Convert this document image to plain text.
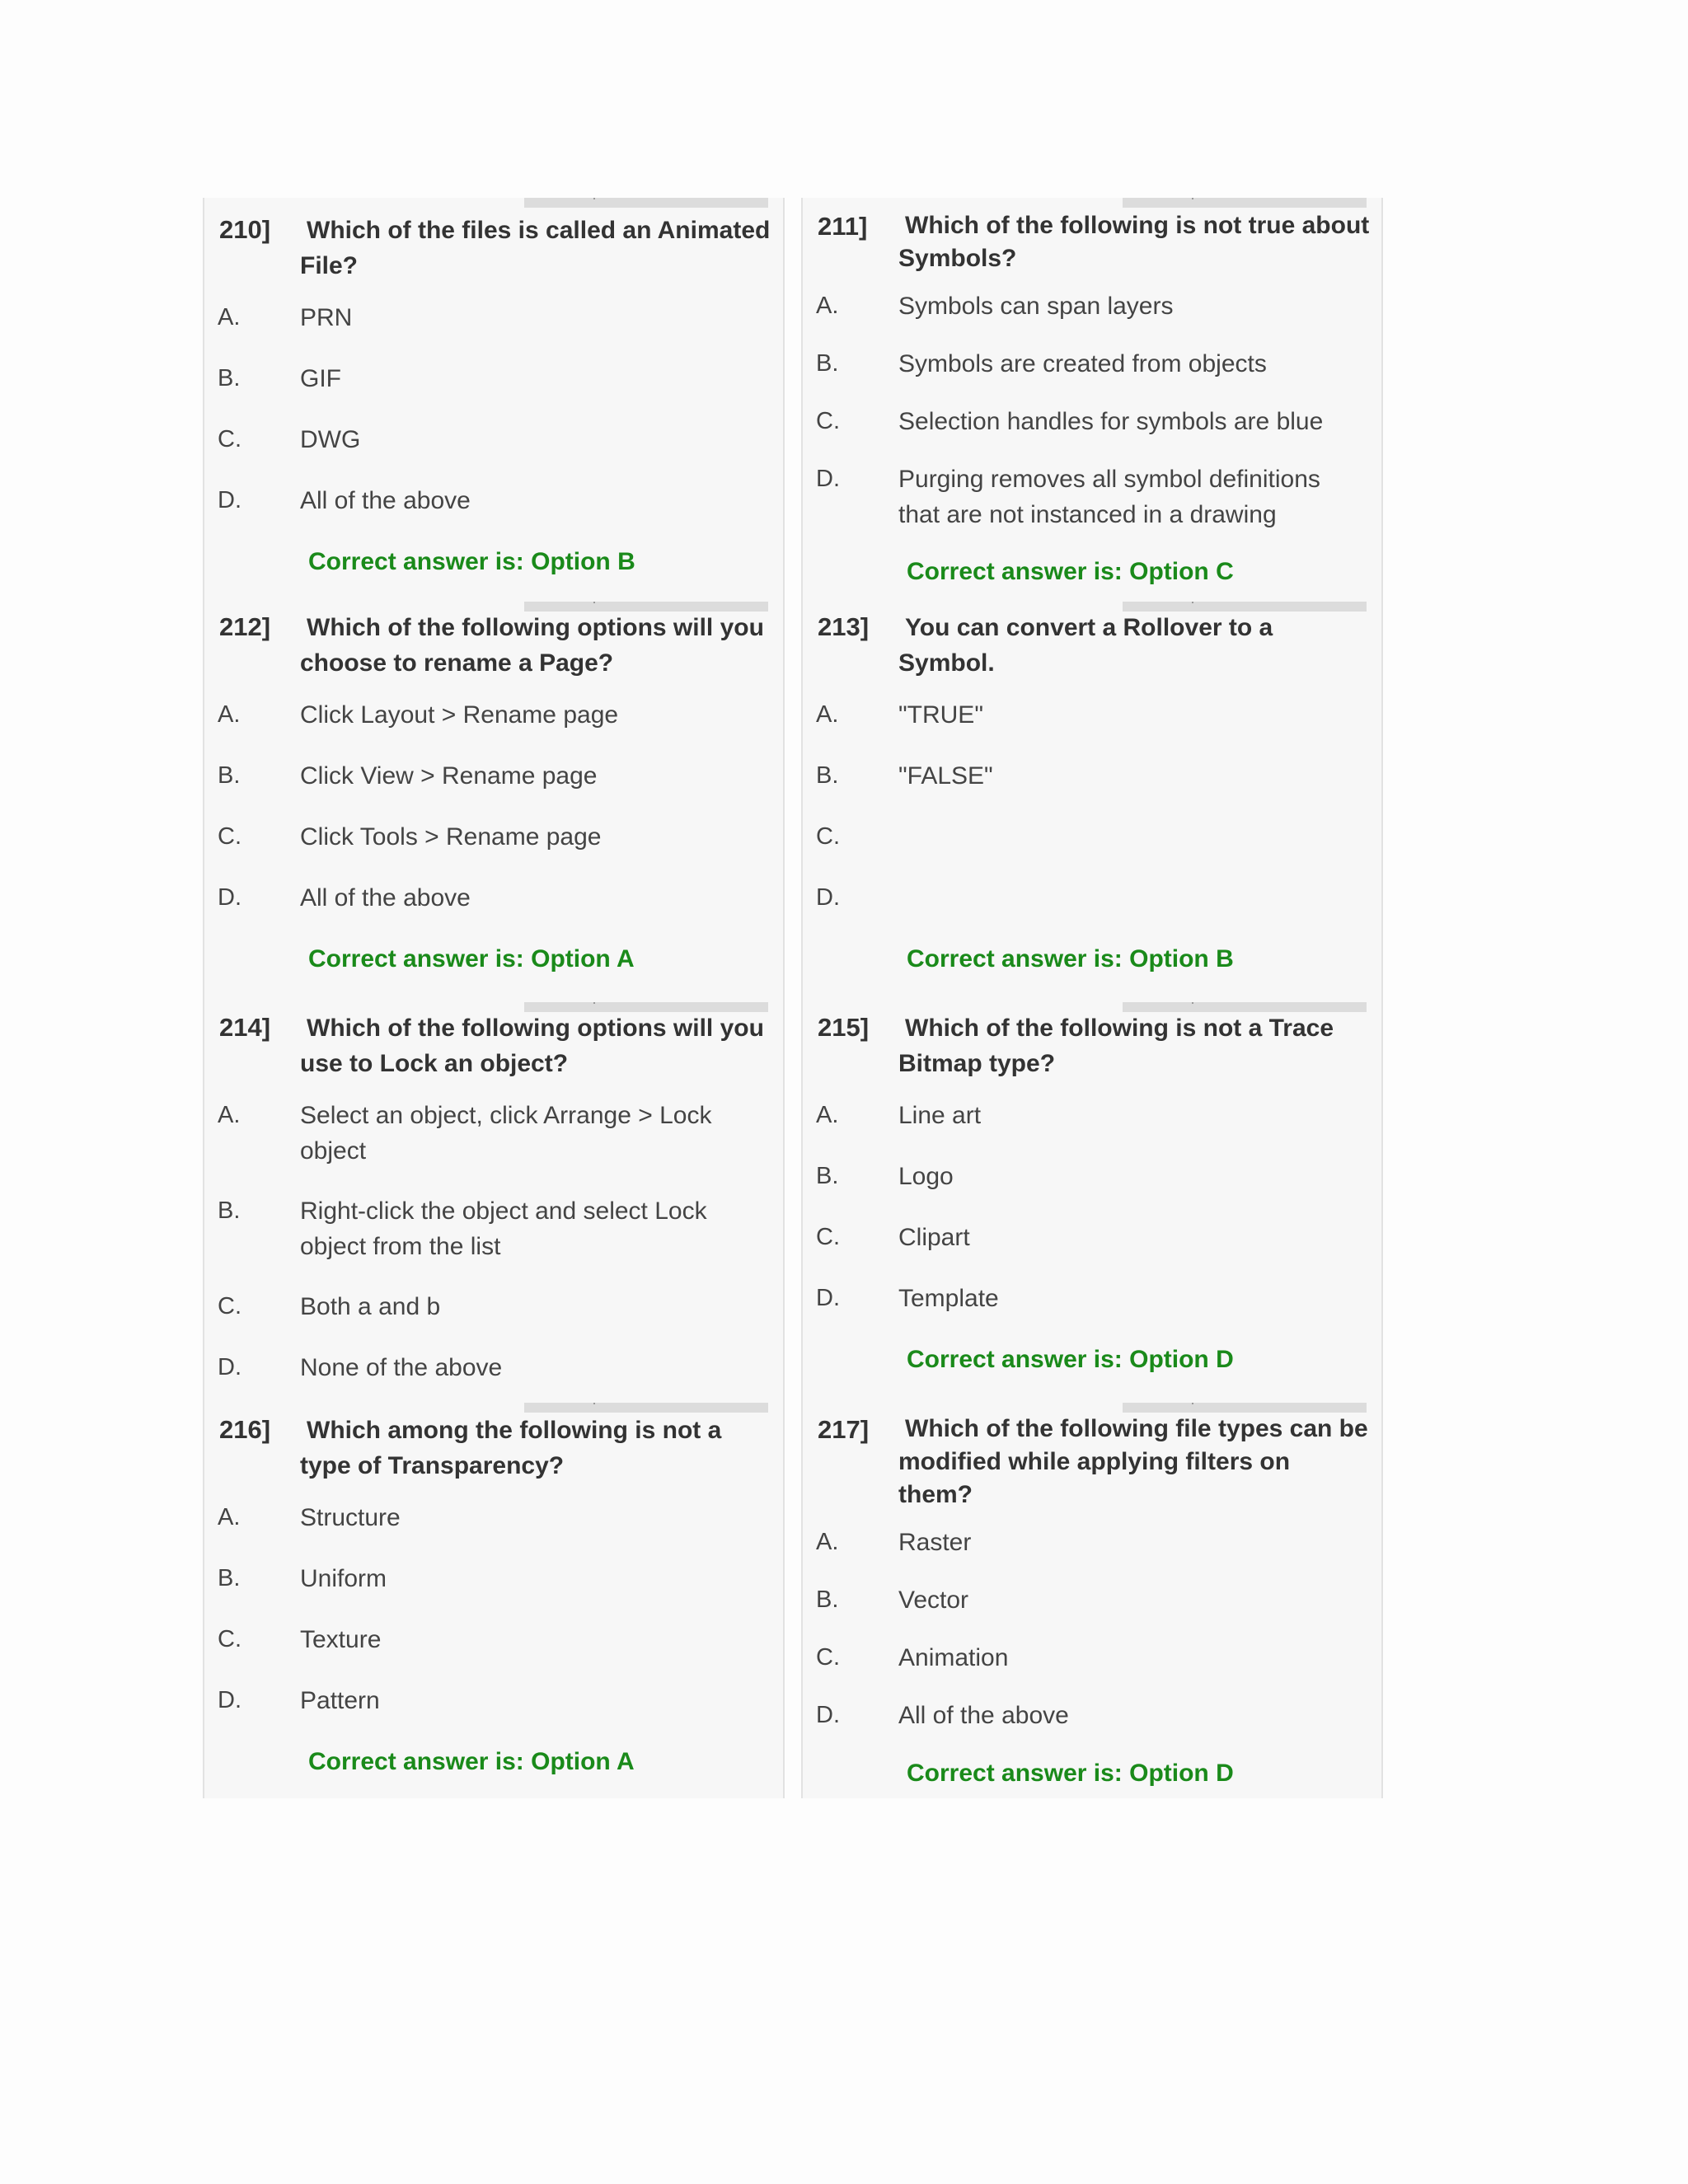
210] Which of the files is called an Animated File?
A. PRN
B. GIF
C. DWG
D. All of the above
Correct answer is: Option B
211] Which of the following is not true about Symbols?
A. Symbols can span layers
B. Symbols are created from objects
C. Selection handles for symbols are blue
D. Purging removes all symbol definitions that are not instanced in a drawing
Correct answer is: Option C
212] Which of the following options will you choose to rename a Page?
A. Click Layout > Rename page
B. Click View > Rename page
C. Click Tools > Rename page
D. All of the above
Correct answer is: Option A
213] You can convert a Rollover to a Symbol.
A. "TRUE"
B. "FALSE"
C.
D.
Correct answer is: Option B
214] Which of the following options will you use to Lock an object?
A. Select an object, click Arrange > Lock object
B. Right-click the object and select Lock object from the list
C. Both a and b
D. None of the above
215] Which of the following is not a Trace Bitmap type?
A. Line art
B. Logo
C. Clipart
D. Template
Correct answer is: Option D
216] Which among the following is not a type of Transparency?
A. Structure
B. Uniform
C. Texture
D. Pattern
Correct answer is: Option A
217] Which of the following file types can be modified while applying filters on them?
A. Raster
B. Vector
C. Animation
D. All of the above
Correct answer is: Option D
